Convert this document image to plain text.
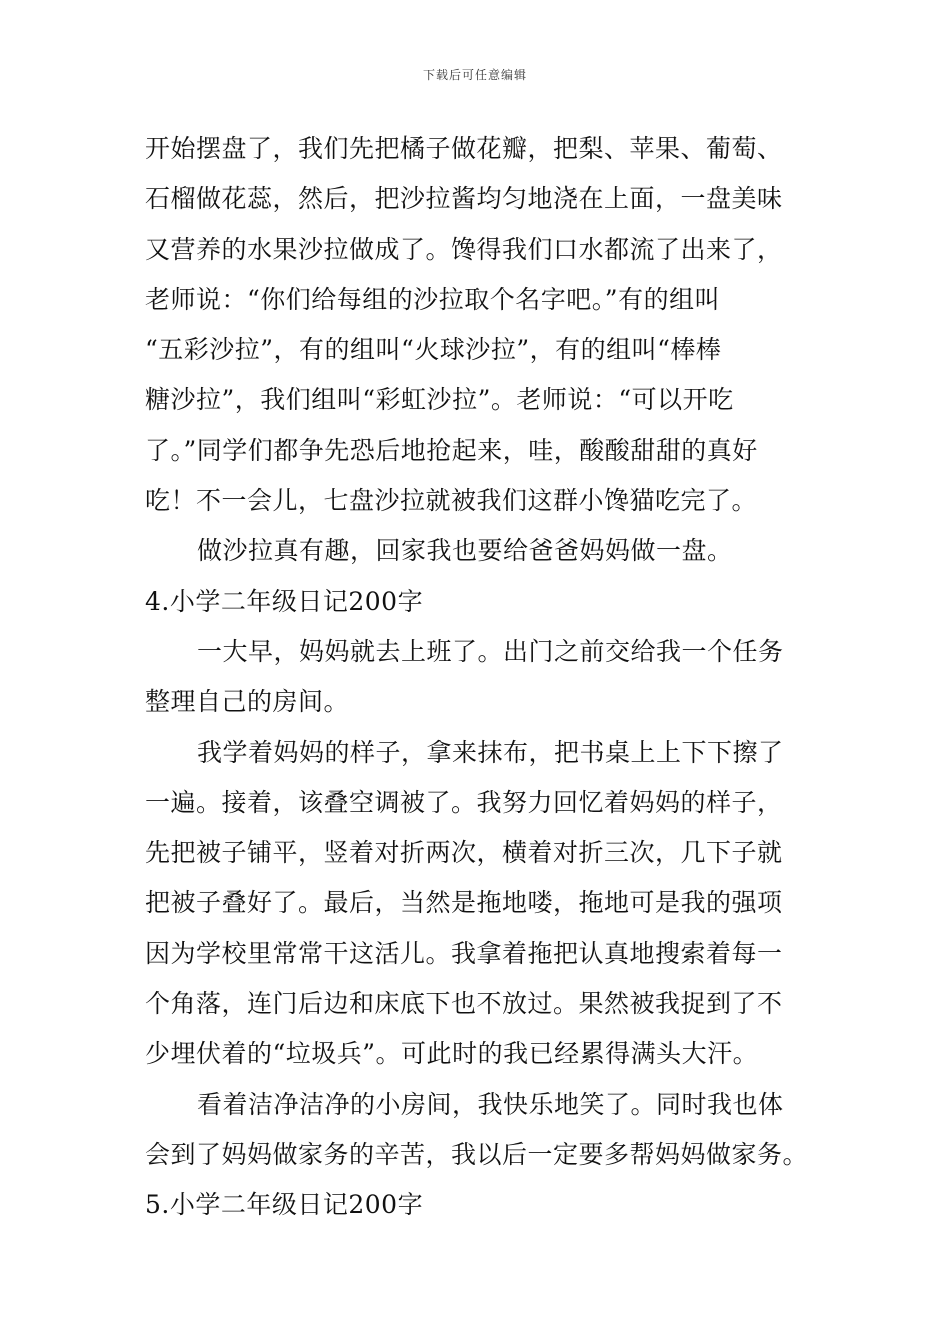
下载后可任意编辑
开始摆盘了，我们先把橘子做花瓣，把梨、苹果、葡萄、
石榴做花蕊，然后，把沙拉酱均匀地浇在上面，一盘美味
又营养的水果沙拉做成了。馋得我们口水都流了出来了，
老师说：“你们给每组的沙拉取个名字吧。”有的组叫
“五彩沙拉”，有的组叫“火球沙拉”，有的组叫“棒棒
糖沙拉”，我们组叫“彩虹沙拉”。老师说：“可以开吃
了。”同学们都争先恐后地抢起来，哇，酸酸甜甜的真好
吃！不一会儿，七盘沙拉就被我们这群小馋猫吃完了。
做沙拉真有趣，回家我也要给爸爸妈妈做一盘。
4.小学二年级日记200字
一大早，妈妈就去上班了。出门之前交给我一个任务
整理自己的房间。
我学着妈妈的样子，拿来抹布，把书桌上上下下擦了
一遍。接着，该叠空调被了。我努力回忆着妈妈的样子，
先把被子铺平，竖着对折两次，横着对折三次，几下子就
把被子叠好了。最后，当然是拖地喽，拖地可是我的强项
因为学校里常常干这活儿。我拿着拖把认真地搜索着每一
个角落，连门后边和床底下也不放过。果然被我捉到了不
少埋伏着的“垃圾兵”。可此时的我已经累得满头大汗。
看着洁净洁净的小房间，我快乐地笑了。同时我也体
会到了妈妈做家务的辛苦，我以后一定要多帮妈妈做家务。
5.小学二年级日记200字
